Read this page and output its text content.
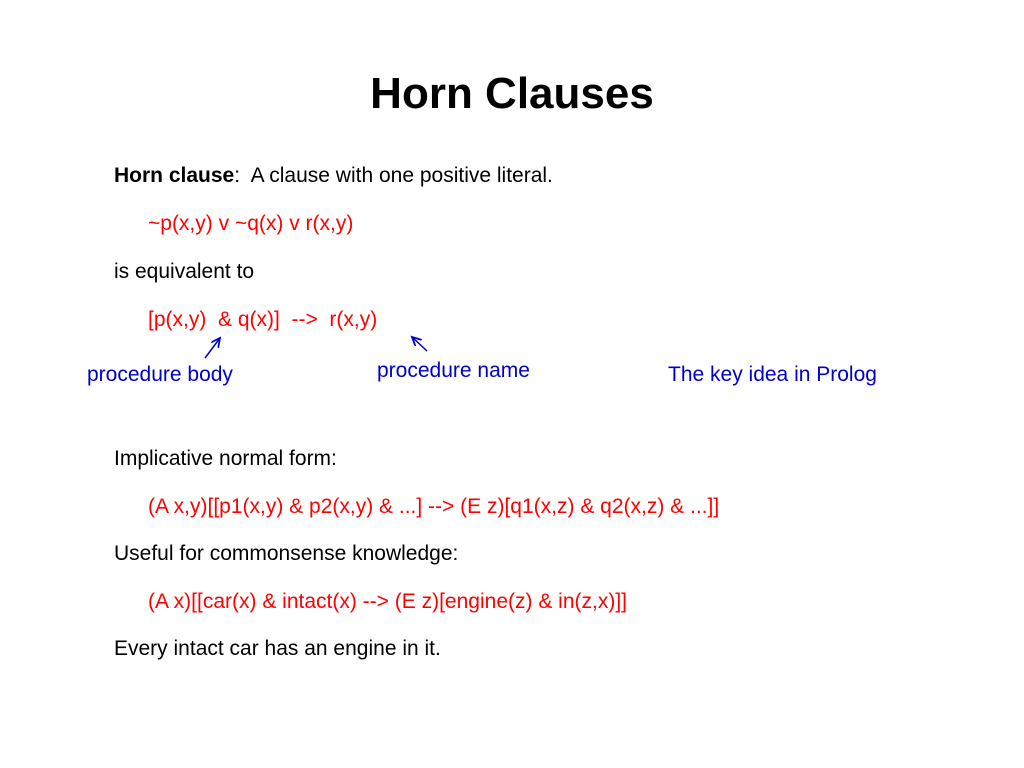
Horn Clauses
Horn clause:  A clause with one positive literal.
~p(x,y) v ~q(x) v r(x,y)
is equivalent to
[p(x,y)  & q(x)]  -->  r(x,y)
procedure body	procedure name	The key idea in Prolog
Implicative normal form:
(A x,y)[[p1(x,y) & p2(x,y) & ...] --> (E z)[q1(x,z) & q2(x,z) & ...]]
Useful for commonsense knowledge:
(A x)[[car(x) & intact(x) --> (E z)[engine(z) & in(z,x)]]
Every intact car has an engine in it.
